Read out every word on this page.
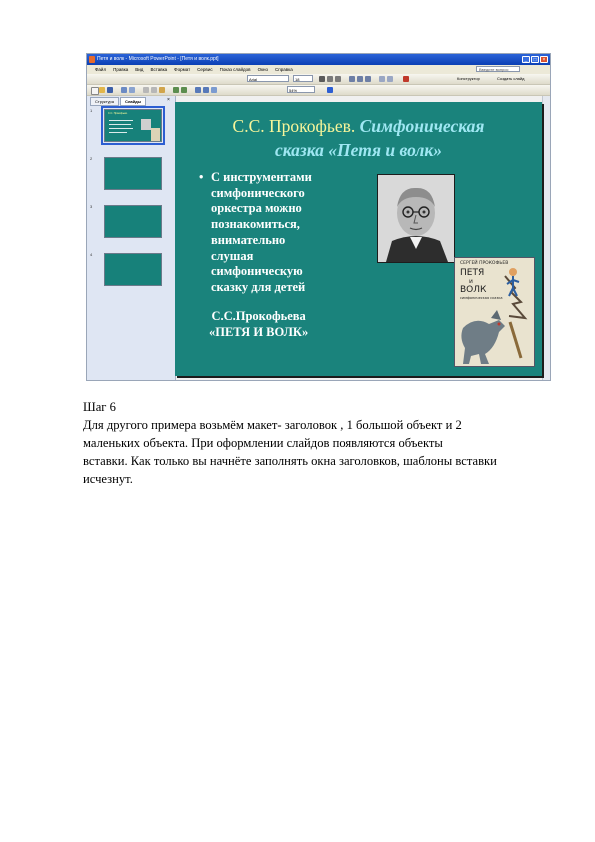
Петя и волк - Microsoft PowerPoint - [Петя и волк.ppt]	_	□	×
Файл Правка Вид Вставка Формат Сервис Показ слайдов Окно Справка	Введите вопрос
Arial	18	Конструктор	Создать слайд
54%
Структура	Слайды	×
1
С.С. Прокофьев.
2
3
4
С.С. Прокофьев. Симфоническая
сказка «Петя и волк»
• С инструментами
симфонического
оркестра можно
познакомиться,
внимательно
слушая
симфоническую
сказку для детей
С.С.Прокофьева
«ПЕТЯ И ВОЛК»
СЕРГЕЙ ПРОКОФЬЕВ
ПЕТЯ
и
ВОЛК
симфоническая сказка
Шаг 6
Для другого примера возьмём макет- заголовок , 1 большой объект и 2
маленьких объекта. При оформлении слайдов появляются объекты
вставки. Как только вы начнёте заполнять окна заголовков, шаблоны вставки
исчезнут.
